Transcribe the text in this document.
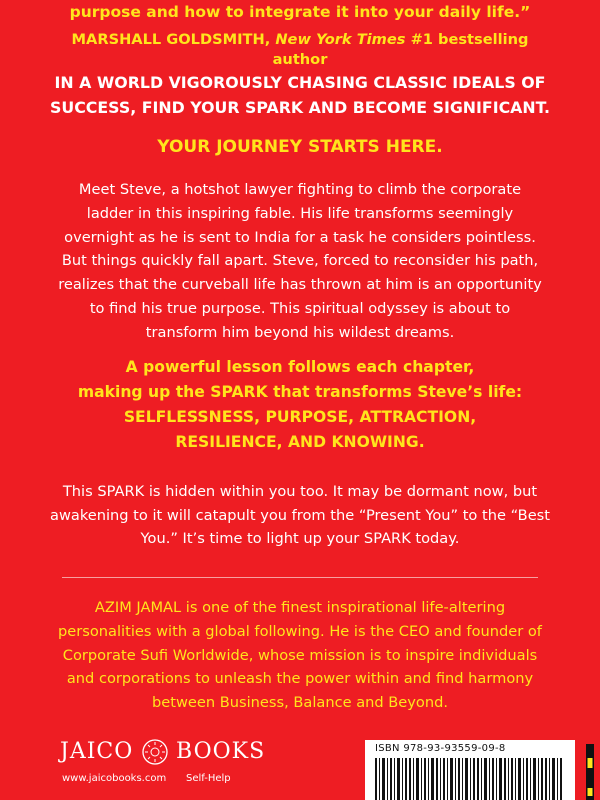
purpose and how to integrate it into your daily life.”
MARSHALL GOLDSMITH, New York Times #1 bestselling author
IN A WORLD VIGOROUSLY CHASING CLASSIC IDEALS OF
SUCCESS, FIND YOUR SPARK AND BECOME SIGNIFICANT.
YOUR JOURNEY STARTS HERE.
Meet Steve, a hotshot lawyer fighting to climb the corporate ladder in this inspiring fable. His life transforms seemingly overnight as he is sent to India for a task he considers pointless. But things quickly fall apart. Steve, forced to reconsider his path, realizes that the curveball life has thrown at him is an opportunity to find his true purpose. This spiritual odyssey is about to transform him beyond his wildest dreams.
A powerful lesson follows each chapter,
making up the SPARK that transforms Steve’s life:
SELFLESSNESS, PURPOSE, ATTRACTION,
RESILIENCE, AND KNOWING.
This SPARK is hidden within you too. It may be dormant now, but awakening to it will catapult you from the “Present You” to the “Best You.” It’s time to light up your SPARK today.
AZIM JAMAL is one of the finest inspirational life-altering personalities with a global following. He is the CEO and founder of Corporate Sufi Worldwide, whose mission is to inspire individuals and corporations to unleash the power within and find harmony between Business, Balance and Beyond.
JAICO BOOKS
www.jaicobooks.com Self-Help
ISBN 978-93-93559-09-8
